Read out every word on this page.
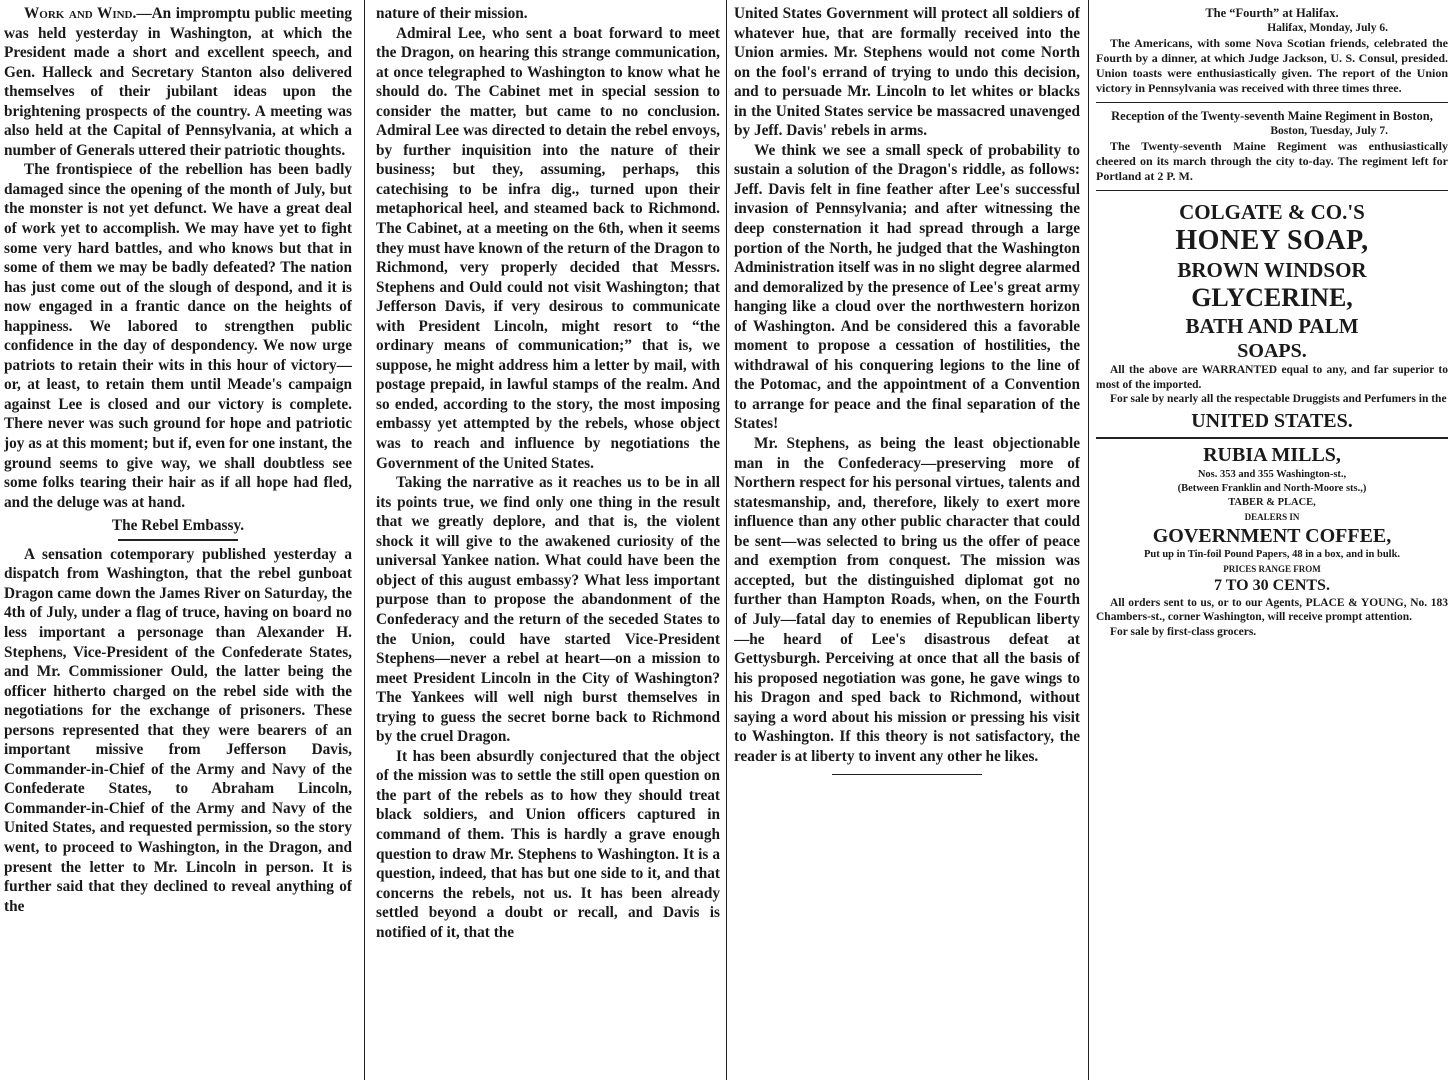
Work and Wind.—An impromptu public meeting was held yesterday in Washington, at which the President made a short and excellent speech, and Gen. Halleck and Secretary Stanton also delivered themselves of their jubilant ideas upon the brightening prospects of the country. A meeting was also held at the Capital of Pennsylvania, at which a number of Generals uttered their patriotic thoughts.

The frontispiece of the rebellion has been badly damaged since the opening of the month of July, but the monster is not yet defunct. We have a great deal of work yet to accomplish. We may have yet to fight some very hard battles, and who knows but that in some of them we may be badly defeated? The nation has just come out of the slough of despond, and it is now engaged in a frantic dance on the heights of happiness. We labored to strengthen public confidence in the day of despondency. We now urge patriots to retain their wits in this hour of victory—or, at least, to retain them until Meade's campaign against Lee is closed and our victory is complete. There never was such ground for hope and patriotic joy as at this moment; but if, even for one instant, the ground seems to give way, we shall doubtless see some folks tearing their hair as if all hope had fled, and the deluge was at hand.

The Rebel Embassy.

A sensation cotemporary published yesterday a dispatch from Washington, that the rebel gunboat Dragon came down the James River on Saturday, the 4th of July, under a flag of truce, having on board no less important a personage than Alexander H. Stephens, Vice-President of the Confederate States, and Mr. Commissioner Ould, the latter being the officer hitherto charged on the rebel side with the negotiations for the exchange of prisoners. These persons represented that they were bearers of an important missive from Jefferson Davis, Commander-in-Chief of the Army and Navy of the Confederate States, to Abraham Lincoln, Commander-in-Chief of the Army and Navy of the United States, and requested permission, so the story went, to proceed to Washington, in the Dragon, and present the letter to Mr. Lincoln in person. It is further said that they declined to reveal anything of the

nature of their mission.

Admiral Lee, who sent a boat forward to meet the Dragon, on hearing this strange communication, at once telegraphed to Washington to know what he should do. The Cabinet met in special session to consider the matter, but came to no conclusion. Admiral Lee was directed to detain the rebel envoys, by further inquisition into the nature of their business; but they, assuming, perhaps, this catechising to be infra dig., turned upon their metaphorical heel, and steamed back to Richmond. The Cabinet, at a meeting on the 6th, when it seems they must have known of the return of the Dragon to Richmond, very properly decided that Messrs. Stephens and Ould could not visit Washington; that Jefferson Davis, if very desirous to communicate with President Lincoln, might resort to “the ordinary means of communication;” that is, we suppose, he might address him a letter by mail, with postage prepaid, in lawful stamps of the realm. And so ended, according to the story, the most imposing embassy yet attempted by the rebels, whose object was to reach and influence by negotiations the Government of the United States.

Taking the narrative as it reaches us to be in all its points true, we find only one thing in the result that we greatly deplore, and that is, the violent shock it will give to the awakened curiosity of the universal Yankee nation. What could have been the object of this august embassy? What less important purpose than to propose the abandonment of the Confederacy and the return of the seceded States to the Union, could have started Vice-President Stephens—never a rebel at heart—on a mission to meet President Lincoln in the City of Washington? The Yankees will well nigh burst themselves in trying to guess the secret borne back to Richmond by the cruel Dragon.

It has been absurdly conjectured that the object of the mission was to settle the still open question on the part of the rebels as to how they should treat black soldiers, and Union officers captured in command of them. This is hardly a grave enough question to draw Mr. Stephens to Washington. It is a question, indeed, that has but one side to it, and that concerns the rebels, not us. It has been already settled beyond a doubt or recall, and Davis is notified of it, that the

United States Government will protect all soldiers of whatever hue, that are formally received into the Union armies. Mr. Stephens would not come North on the fool's errand of trying to undo this decision, and to persuade Mr. Lincoln to let whites or blacks in the United States service be massacred unavenged by Jeff. Davis' rebels in arms.

We think we see a small speck of probability to sustain a solution of the Dragon's riddle, as follows: Jeff. Davis felt in fine feather after Lee's successful invasion of Pennsylvania; and after witnessing the deep consternation it had spread through a large portion of the North, he judged that the Washington Administration itself was in no slight degree alarmed and demoralized by the presence of Lee's great army hanging like a cloud over the northwestern horizon of Washington. And be considered this a favorable moment to propose a cessation of hostilities, the withdrawal of his conquering legions to the line of the Potomac, and the appointment of a Convention to arrange for peace and the final separation of the States!

Mr. Stephens, as being the least objectionable man in the Confederacy—preserving more of Northern respect for his personal virtues, talents and statesmanship, and, therefore, likely to exert more influence than any other public character that could be sent—was selected to bring us the offer of peace and exemption from conquest. The mission was accepted, but the distinguished diplomat got no further than Hampton Roads, when, on the Fourth of July—fatal day to enemies of Republican liberty—he heard of Lee's disastrous defeat at Gettysburgh. Perceiving at once that all the basis of his proposed negotiation was gone, he gave wings to his Dragon and sped back to Richmond, without saying a word about his mission or pressing his visit to Washington. If this theory is not satisfactory, the reader is at liberty to invent any other he likes.

The “Fourth” at Halifax.
Halifax, Monday, July 6.

The Americans, with some Nova Scotian friends, celebrated the Fourth by a dinner, at which Judge Jackson, U. S. Consul, presided. Union toasts were enthusiastically given. The report of the Union victory in Pennsylvania was received with three times three.

Reception of the Twenty-seventh Maine Regiment in Boston,
Boston, Tuesday, July 7.

The Twenty-seventh Maine Regiment was enthusiastically cheered on its march through the city to-day. The regiment left for Portland at 2 P. M.

COLGATE & CO.'S
HONEY SOAP,
BROWN WINDSOR
GLYCERINE,
BATH AND PALM
SOAPS.
All the above are WARRANTED equal to any, and far superior to most of the imported.
For sale by nearly all the respectable Druggists and Perfumers in the
UNITED STATES.
RUBIA MILLS,
Nos. 353 and 355 Washington-st.,
(Between Franklin and North-Moore sts.,)
TABER & PLACE,
DEALERS IN
GOVERNMENT COFFEE,
Put up in Tin-foil Pound Papers, 48 in a box, and in bulk.
PRICES RANGE FROM
7 TO 30 CENTS.
All orders sent to us, or to our Agents, PLACE & YOUNG, No. 183 Chambers-st., corner Washington, will receive prompt attention.
For sale by first-class grocers.
